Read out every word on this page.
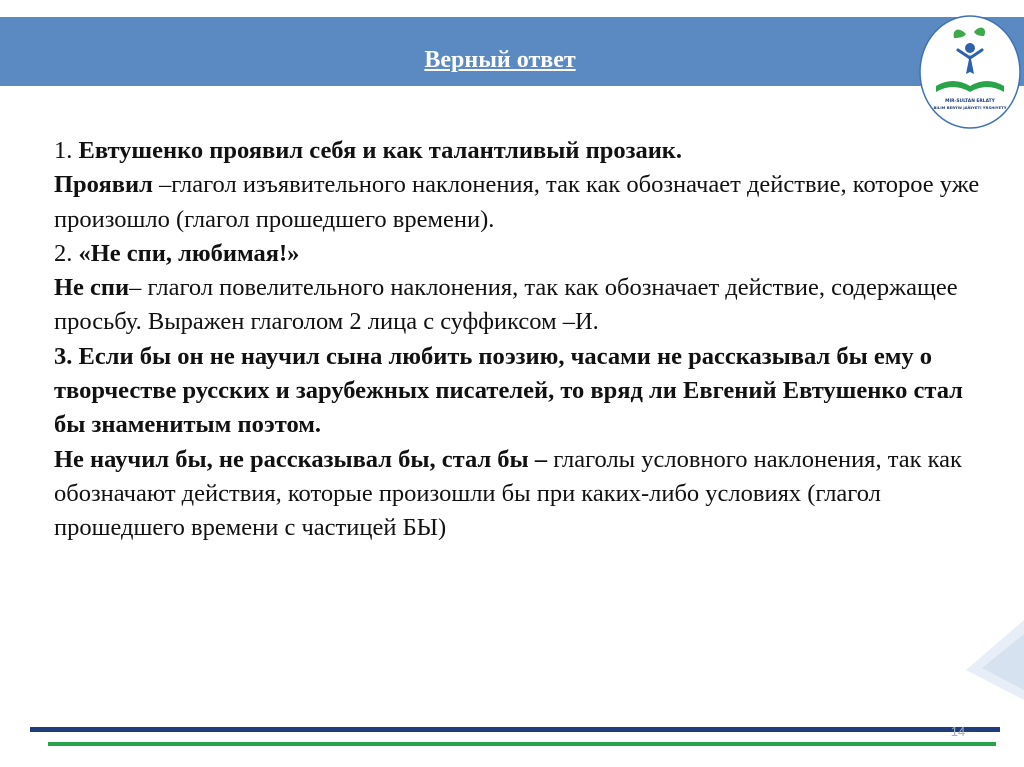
Верный ответ
MIR-SULTAN ERLATÝ
BILIM BERÝW JAÑIYETI ÝRSHIYETÝ

1. Евтушенко проявил себя и как талантливый прозаик.

Проявил –глагол изъявительного наклонения, так как обозначает действие, которое уже произошло (глагол прошедшего времени).

2. «Не спи, любимая!»

Не спи– глагол повелительного наклонения, так как обозначает действие, содержащее просьбу. Выражен глаголом 2 лица с суффиксом –И.

3. Если бы он не научил сына любить поэзию, часами не рассказывал бы ему о творчестве русских и зарубежных писателей, то вряд ли Евгений Евтушенко стал бы знаменитым поэтом.

Не научил бы, не рассказывал бы, стал бы – глаголы условного наклонения, так как обозначают действия, которые произошли бы при каких-либо условиях (глагол прошедшего времени с частицей БЫ)

14
